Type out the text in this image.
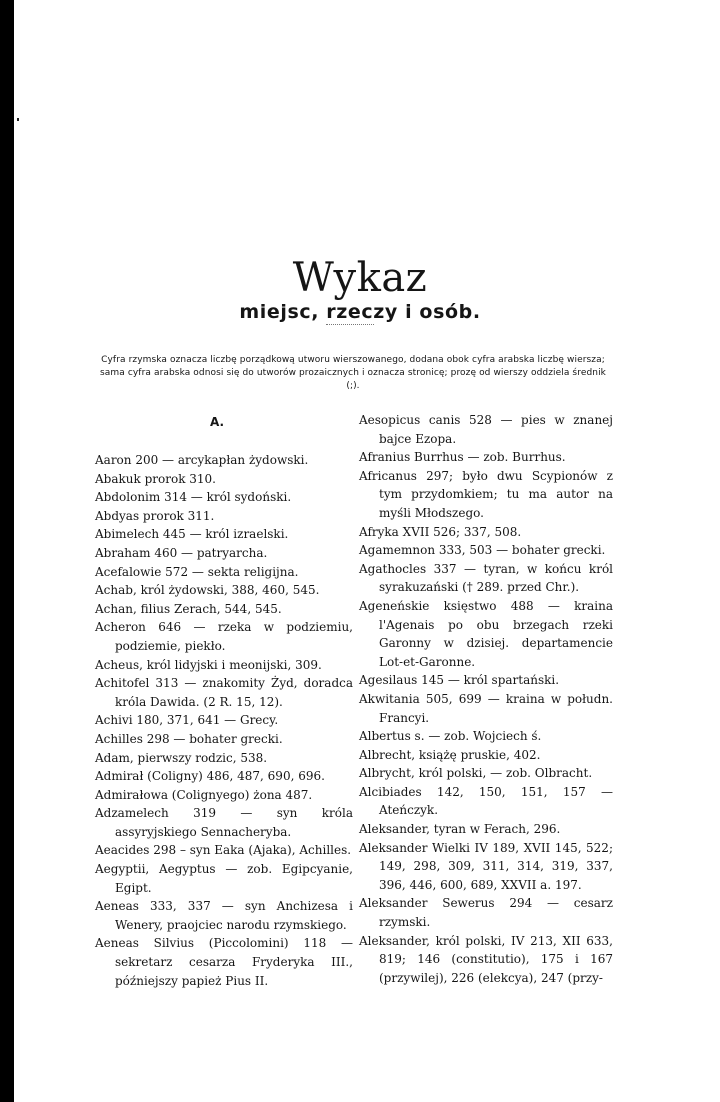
Wykaz
miejsc, rzeczy i osób.

Cyfra rzymska oznacza liczbę porządkową utworu wierszowanego, dodana obok cyfra arabska liczbę wiersza; sama cyfra arabska odnosi się do utworów prozaicznych i oznacza stronicę; prozę od wierszy oddziela średnik (;).

A.
Aaron 200 — arcykapłan żydowski.
Abakuk prorok 310.
Abdolonim 314 — król sydoński.
Abdyas prorok 311.
Abimelech 445 — król izraelski.
Abraham 460 — patryarcha.
Acefalowie 572 — sekta religijna.
Achab, król żydowski, 388, 460, 545.
Achan, filius Zerach, 544, 545.
Acheron 646 — rzeka w podziemiu, podziemie, piekło.
Acheus, król lidyjski i meonijski, 309.
Achitofel 313 — znakomity Żyd, doradca króla Dawida. (2 R. 15, 12).
Achivi 180, 371, 641 — Grecy.
Achilles 298 — bohater grecki.
Adam, pierwszy rodzic, 538.
Admirał (Coligny) 486, 487, 690, 696.
Admirałowa (Colignyego) żona 487.
Adzamelech 319 — syn króla assyryjskiego Sennacheryba.
Aeacides 298 – syn Eaka (Ajaka), Achilles.
Aegyptii, Aegyptus — zob. Egipcyanie, Egipt.
Aeneas 333, 337 — syn Anchizesa i Wenery, praojciec narodu rzymskiego.
Aeneas Silvius (Piccolomini) 118 — sekretarz cesarza Fryderyka III., późniejszy papież Pius II.
Aesopicus canis 528 — pies w znanej bajce Ezopa.
Afranius Burrhus — zob. Burrhus.
Africanus 297; było dwu Scypionów z tym przydomkiem; tu ma autor na myśli Młodszego.
Afryka XVII 526; 337, 508.
Agamemnon 333, 503 — bohater grecki.
Agathocles 337 — tyran, w końcu król syrakuzański († 289. przed Chr.).
Ageneńskie księstwo 488 — kraina l'Agenais po obu brzegach rzeki Garonny w dzisiej. departamencie Lot-et-Garonne.
Agesilaus 145 — król spartański.
Akwitania 505, 699 — kraina w połudn. Francyi.
Albertus s. — zob. Wojciech ś.
Albrecht, książę pruskie, 402.
Albrycht, król polski, — zob. Olbracht.
Alcibiades 142, 150, 151, 157 — Ateńczyk.
Aleksander, tyran w Ferach, 296.
Aleksander Wielki IV 189, XVII 145, 522; 149, 298, 309, 311, 314, 319, 337, 396, 446, 600, 689, XXVII a. 197.
Aleksander Sewerus 294 — cesarz rzymski.
Aleksander, król polski, IV 213, XII 633, 819; 146 (constitutio), 175 i 167 (przywilej), 226 (elekcya), 247 (przy-
